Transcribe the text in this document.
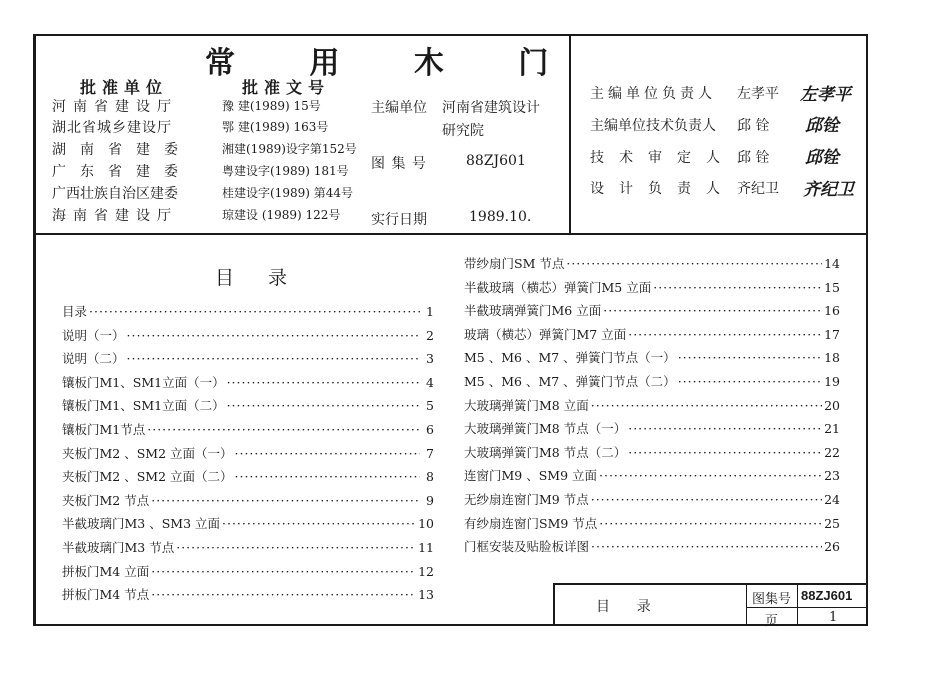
常 用 木 门
批准单位	批准文号
河南省建设厅	豫 建(1989) 15号
湖北省城乡建设厅	鄂 建(1989) 163号
湖南省建委	湘建(1989)设字第152号
广东省建委	粤建设字(1989) 181号
广西壮族自治区建委	桂建设字(1989) 第44号
海南省建设厅	琼建设 (1989) 122号
主编单位 河南省建筑设计
研究院
图 集 号	88ZJ601
实行日期	1989.10.
主编单位负责人 左孝平 左孝平
主编单位技术负责人 邱 铨 邱铨
技术审定人 邱 铨 邱铨
设计负责人 齐纪卫 齐纪卫
目录
目录 ·····	1
说明（一） ·····	2
说明（二） ·····	3
镶板门M1、SM1立面（一） ·····	4
镶板门M1、SM1立面（二） ·····	5
镶板门M1节点 ·····	6
夹板门M2 、SM2 立面（一） ·····	7
夹板门M2 、SM2 立面（二） ·····	8
夹板门M2 节点 ·····	9
半截玻璃门M3 、SM3 立面 ·····	10
半截玻璃门M3 节点 ·····	11
拼板门M4 立面 ·····	12
拼板门M4 节点 ·····	13
带纱扇门SM 节点 ·····	14
半截玻璃（横芯）弹簧门M5 立面 ·····	15
半截玻璃弹簧门M6 立面 ·····	16
玻璃（横芯）弹簧门M7 立面 ·····	17
M5 、M6 、M7 、弹簧门节点（一） ·····	18
M5 、M6 、M7 、弹簧门节点（二） ·····	19
大玻璃弹簧门M8 立面 ·····	20
大玻璃弹簧门M8 节点（一） ·····	21
大玻璃弹簧门M8 节点（二） ·····	22
连窗门M9 、SM9 立面 ·····	23
无纱扇连窗门M9 节点 ·····	24
有纱扇连窗门SM9 节点 ·····	25
门框安装及贴脸板详图 ·····	26
目      录	图集号 88ZJ601
页	1
